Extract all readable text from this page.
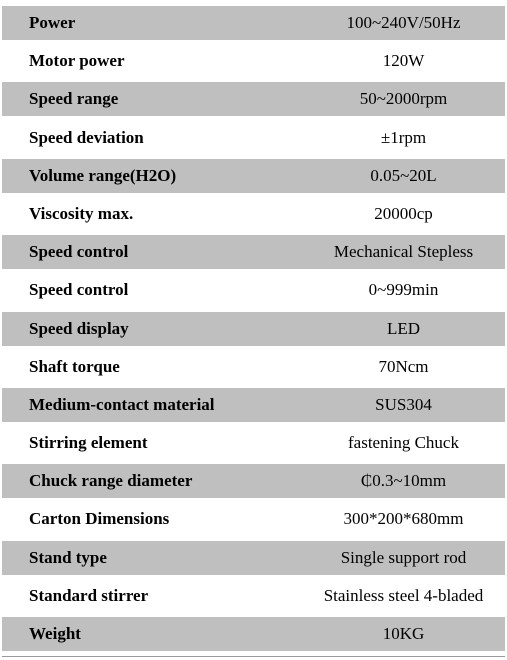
Power	100~240V/50Hz
Motor power	120W
Speed range	50~2000rpm
Speed deviation	±1rpm
Volume range(H2O)	0.05~20L
Viscosity max.	20000cp
Speed control	Mechanical Stepless
Speed control	0~999min
Speed display	LED
Shaft torque	70Ncm
Medium-contact material	SUS304
Stirring element	fastening Chuck
Chuck range diameter	₵0.3~10mm
Carton Dimensions	300*200*680mm
Stand type	Single support rod
Standard stirrer	Stainless steel 4-bladed
Weight	10KG
